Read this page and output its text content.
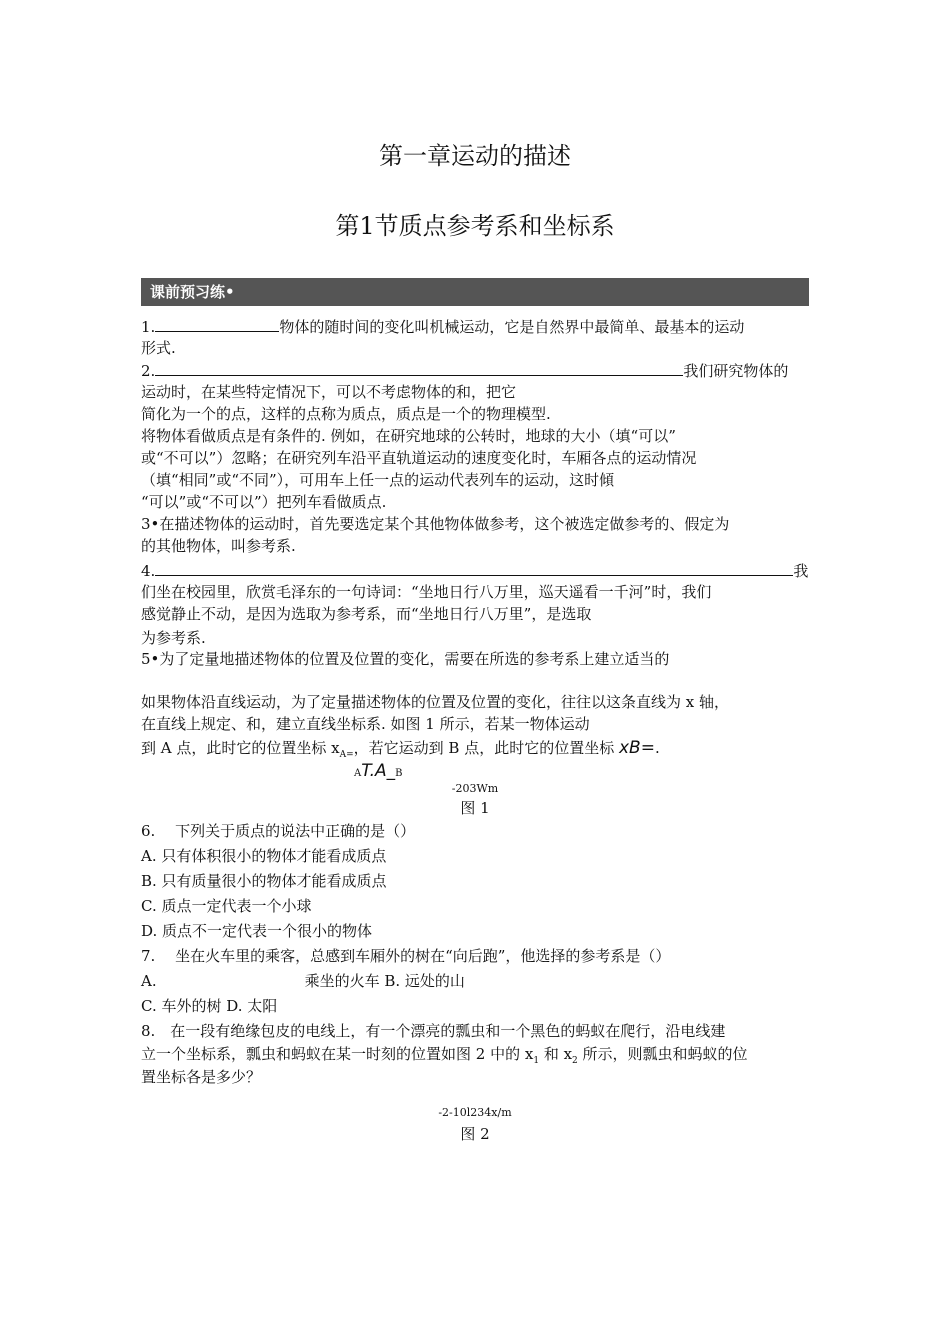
第一章运动的描述
第1节质点参考系和坐标系
课前预习练•
1.	物体的随时间的变化叫机械运动，它是自然界中最简单、最基本的运动
形式.
2.	我们研究物体的
运动时，在某些特定情况下，可以不考虑物体的和，把它
简化为一个的点，这样的点称为质点，质点是一个的物理模型.
将物体看做质点是有条件的. 例如，在研究地球的公转时，地球的大小（填“可以”
或“不可以”）忽略；在研究列车沿平直轨道运动的速度变化时，车厢各点的运动情况
（填“相同”或“不同”），可用车上任一点的运动代表列车的运动，这时傾
“可以”或“不可以”）把列车看做质点.
3•在描述物体的运动时，首先要选定某个其他物体做参考，这个被选定做参考的、假定为
的其他物体，叫参考系.
4.	我
们坐在校园里，欣赏毛泽东的一句诗词：“坐地日行八万里，巡天遥看一千河”时，我们
感觉静止不动，是因为选取为参考系，而“坐地日行八万里”，是选取
为参考系.
5•为了定量地描述物体的位置及位置的变化，需要在所选的参考系上建立适当的
如果物体沿直线运动，为了定量描述物体的位置及位置的变化，往往以这条直线为 x 轴，
在直线上规定、和，建立直线坐标系. 如图 1 所示，若某一物体运动
到 A 点，此时它的位置坐标 $x_{A=}$，若它运动到 B 点，此时它的位置坐标 xB=.
AT.A_B
-203Wm
图 1
6.　 下列关于质点的说法中正确的是（）
A. 只有体积很小的物体才能看成质点
B. 只有质量很小的物体才能看成质点
C. 质点一定代表一个小球
D. 质点不一定代表一个很小的物体
7.　 坐在火车里的乘客，总感到车厢外的树在“向后跑”，他选择的参考系是（）
A.	乘坐的火车 B. 远处的山
C. 车外的树 D. 太阳
8.　在一段有绝缘包皮的电线上，有一个漂亮的瓢虫和一个黑色的蚂蚁在爬行，沿电线建
立一个坐标系，瓢虫和蚂蚁在某一时刻的位置如图 2 中的 $x_1$ 和 $x_2$ 所示，则瓢虫和蚂蚁的位
置坐标各是多少？
-2-10l234x/m
图 2
